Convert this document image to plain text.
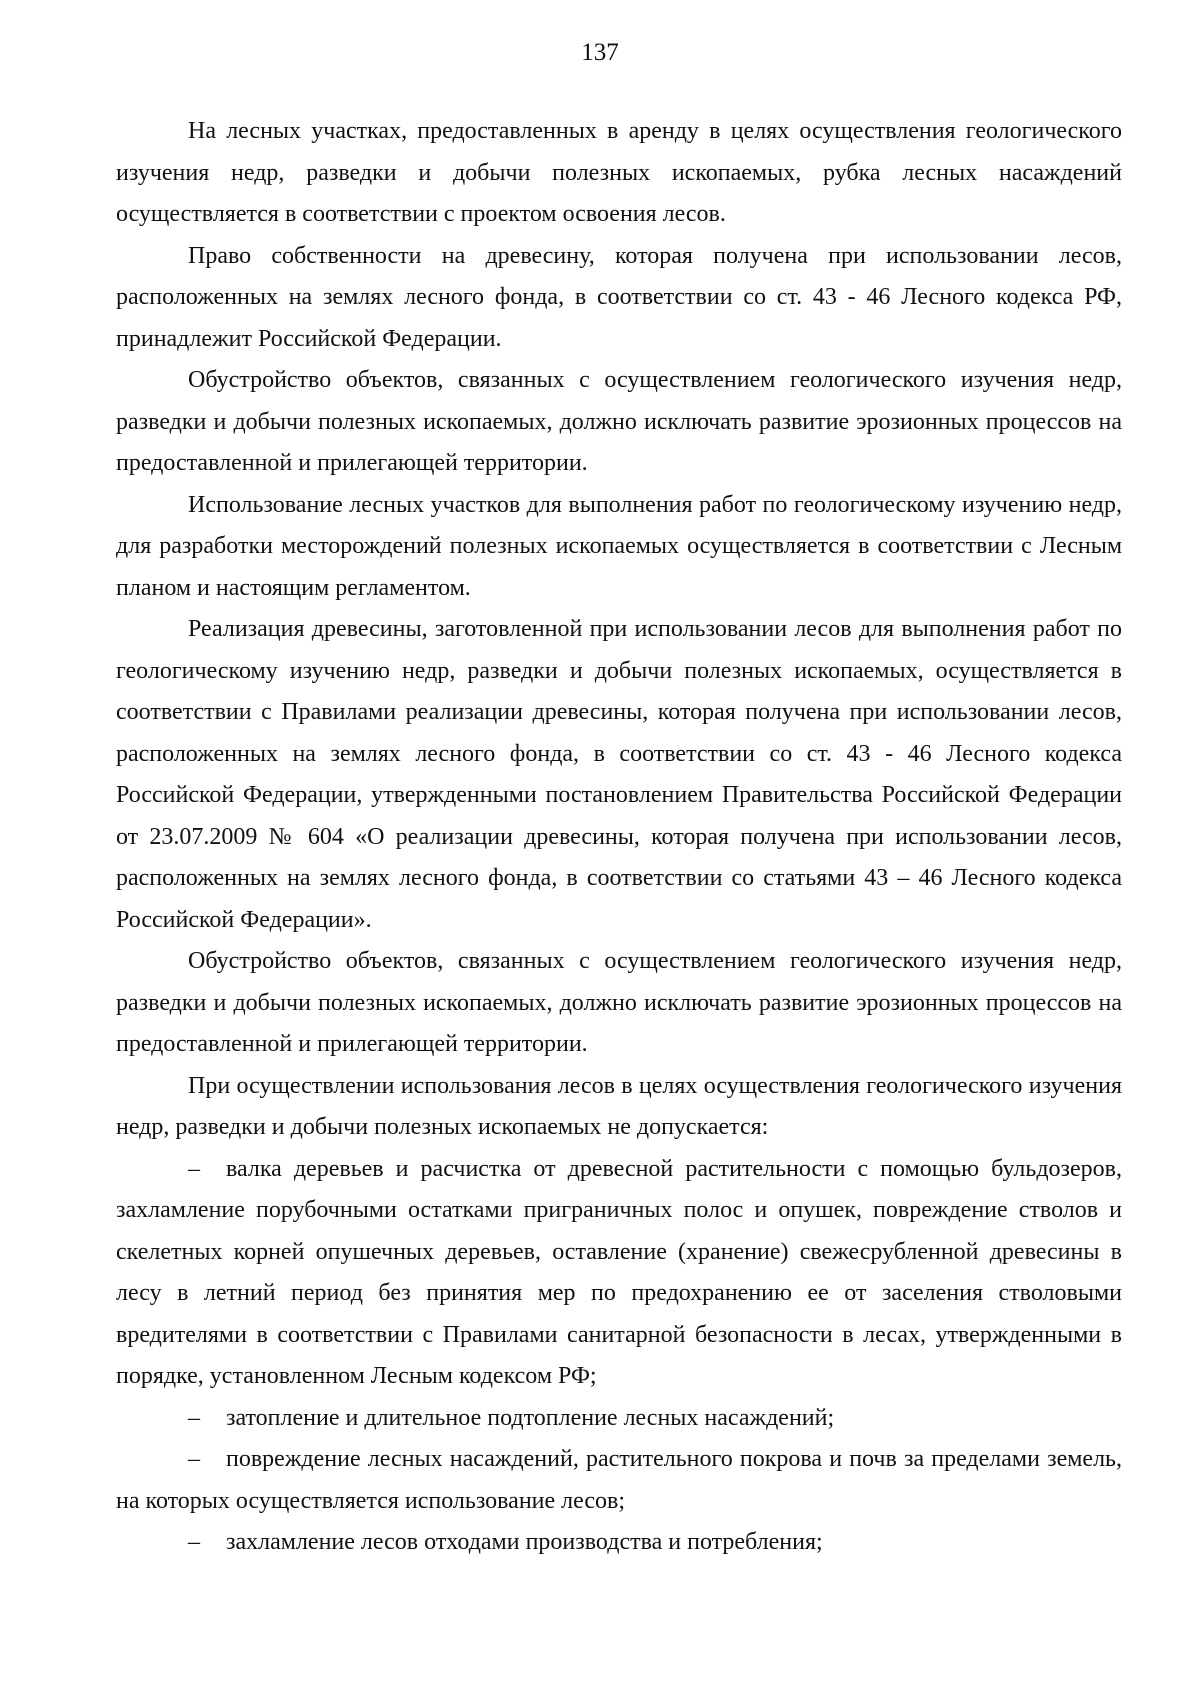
137

На лесных участках, предоставленных в аренду в целях осуществления геологического изучения недр, разведки и добычи полезных ископаемых, рубка лесных насаждений осуществляется в соответствии с проектом освоения лесов.

Право собственности на древесину, которая получена при использовании лесов, расположенных на землях лесного фонда, в соответствии со ст. 43 - 46 Лесного кодекса РФ, принадлежит Российской Федерации.

Обустройство объектов, связанных с осуществлением геологического изучения недр, разведки и добычи полезных ископаемых, должно исключать развитие эрозионных процессов на предоставленной и прилегающей территории.

Использование лесных участков для выполнения работ по геологическому изучению недр, для разработки месторождений полезных ископаемых осуществляется в соответствии с Лесным планом и настоящим регламентом.

Реализация древесины, заготовленной при использовании лесов для выполнения работ по геологическому изучению недр, разведки и добычи полезных ископаемых, осуществляется в соответствии с Правилами реализации древесины, которая получена при использовании лесов, расположенных на землях лесного фонда, в соответствии со ст. 43 - 46 Лесного кодекса Российской Федерации, утвержденными постановлением Правительства Российской Федерации от 23.07.2009 № 604 «О реализации древесины, которая получена при использовании лесов, расположенных на землях лесного фонда, в соответствии со статьями 43 – 46 Лесного кодекса Российской Федерации».

Обустройство объектов, связанных с осуществлением геологического изучения недр, разведки и добычи полезных ископаемых, должно исключать развитие эрозионных процессов на предоставленной и прилегающей территории.

При осуществлении использования лесов в целях осуществления геологического изучения недр, разведки и добычи полезных ископаемых не допускается:

– валка деревьев и расчистка от древесной растительности с помощью бульдозеров, захламление порубочными остатками приграничных полос и опушек, повреждение стволов и скелетных корней опушечных деревьев, оставление (хранение) свежесрубленной древесины в лесу в летний период без принятия мер по предохранению ее от заселения стволовыми вредителями в соответствии с Правилами санитарной безопасности в лесах, утвержденными в порядке, установленном Лесным кодексом РФ;

– затопление и длительное подтопление лесных насаждений;

– повреждение лесных насаждений, растительного покрова и почв за пределами земель, на которых осуществляется использование лесов;

– захламление лесов отходами производства и потребления;
